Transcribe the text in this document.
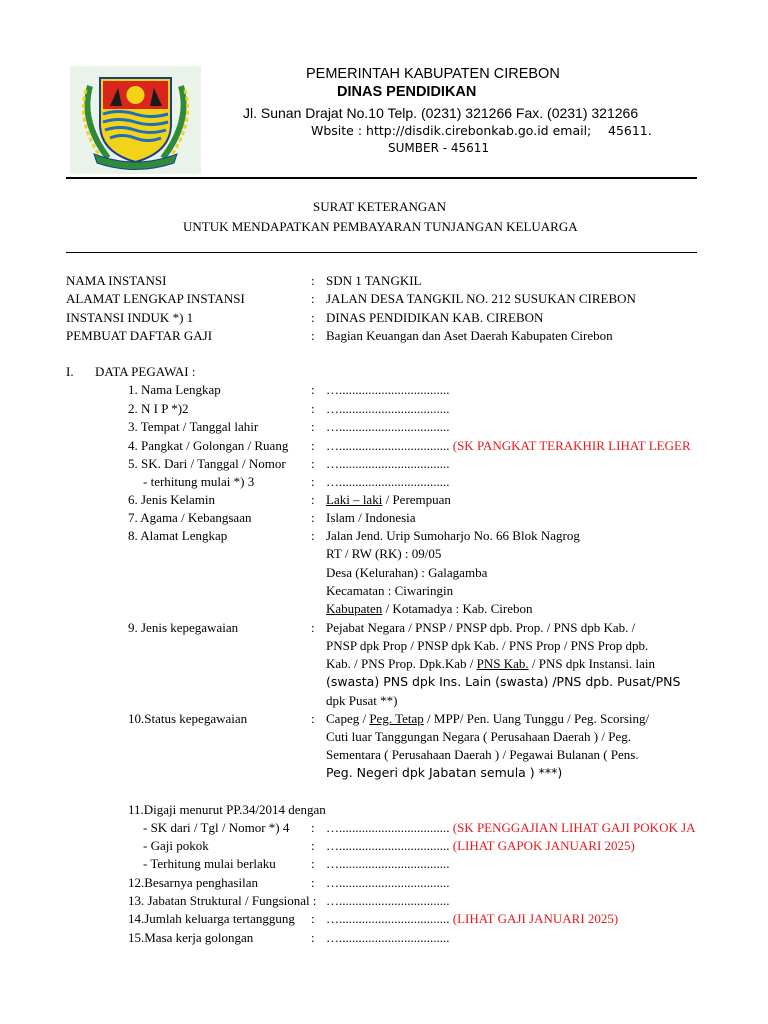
PEMERINTAH KABUPATEN CIREBON
DINAS PENDIDIKAN
Jl. Sunan Drajat No.10 Telp. (0231) 321266 Fax. (0231) 321266
Wbsite : http://disdik.cirebonkab.go.id email; 45611.
SUMBER - 45611
SURAT KETERANGAN
UNTUK MENDAPATKAN PEMBAYARAN TUNJANGAN KELUARGA
NAMA INSTANSI	: SDN 1 TANGKIL
ALAMAT LENGKAP INSTANSI	: JALAN DESA TANGKIL NO. 212 SUSUKAN CIREBON
INSTANSI INDUK *) 1	: DINAS PENDIDIKAN KAB. CIREBON
PEMBUAT DAFTAR GAJI	: Bagian Keuangan dan Aset Daerah Kabupaten Cirebon
I. DATA PEGAWAI :
1. Nama Lengkap	: …..................................
2. N I P *)2	: …..................................
3. Tempat / Tanggal lahir	: …..................................
4. Pangkat / Golongan / Ruang : ….................................. (SK PANGKAT TERAKHIR LIHAT LEGER
5. SK. Dari / Tanggal / Nomor : …..................................
- terhitung mulai *) 3	: …..................................
6. Jenis Kelamin	: Laki – laki / Perempuan
7. Agama / Kebangsaan	: Islam / Indonesia
8. Alamat Lengkap	: Jalan Jend. Urip Sumoharjo No. 66 Blok Nagrog
RT / RW (RK) : 09/05
Desa (Kelurahan) : Galagamba
Kecamatan : Ciwaringin
Kabupaten / Kotamadya : Kab. Cirebon
9. Jenis kepegawaian	: Pejabat Negara / PNSP / PNSP dpb. Prop. / PNS dpb Kab. /
PNSP dpk Prop / PNSP dpk Kab. / PNS Prop / PNS Prop dpb.
Kab. / PNS Prop. Dpk.Kab / PNS Kab. / PNS dpk Instansi. lain
(swasta) PNS dpk Ins. Lain (swasta) /PNS dpb. Pusat/PNS
dpk Pusat **)
10.Status kepegawaian	: Capeg / Peg. Tetap / MPP/ Pen. Uang Tunggu / Peg. Scorsing/
Cuti luar Tanggungan Negara ( Perusahaan Daerah ) / Peg.
Sementara ( Perusahaan Daerah ) / Pegawai Bulanan ( Pens.
Peg. Negeri dpk Jabatan semula ) ***)
11.Digaji menurut PP.34/2014 dengan
- SK dari / Tgl / Nomor *) 4 : ….................................. (SK PENGGAJIAN LIHAT GAJI POKOK JA
- Gaji pokok	: ….................................. (LIHAT GAPOK JANUARI 2025)
- Terhitung mulai berlaku	: …..................................
12.Besarnya penghasilan	: …..................................
13. Jabatan Struktural / Fungsional : …..................................
14.Jumlah keluarga tertanggung : ….................................. (LIHAT GAJI JANUARI 2025)
15.Masa kerja golongan	: …..................................
